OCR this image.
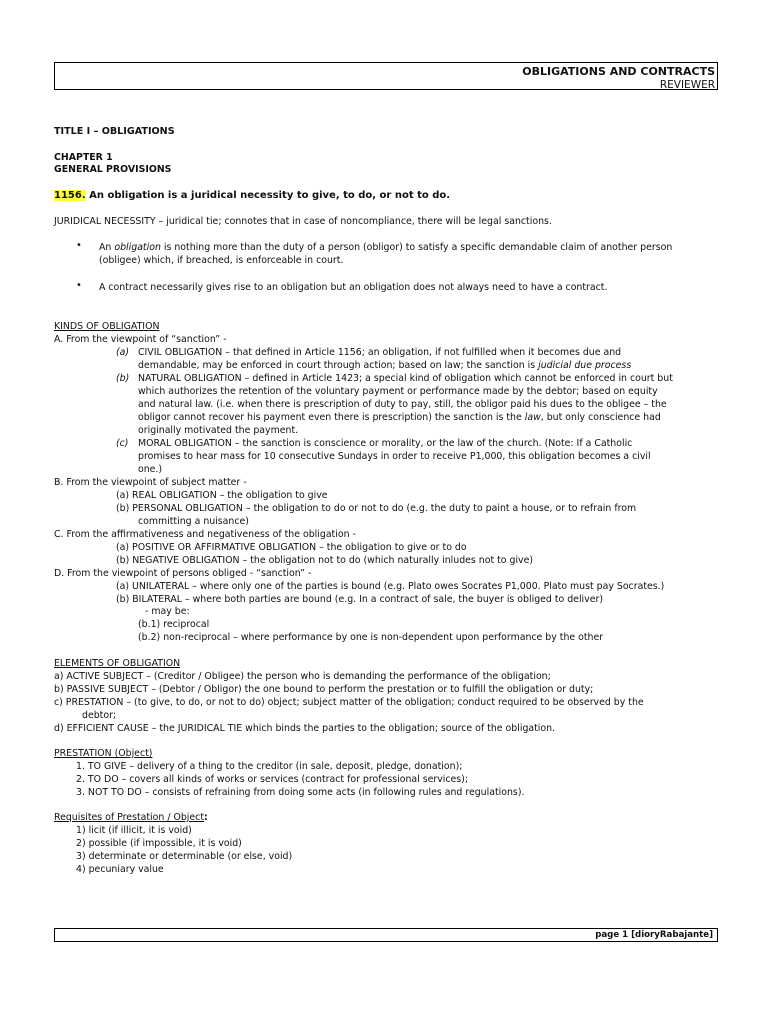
OBLIGATIONS AND CONTRACTS
REVIEWER
TITLE I – OBLIGATIONS
CHAPTER 1
GENERAL PROVISIONS
1156. An obligation is a juridical necessity to give, to do, or not to do.
JURIDICAL NECESSITY – juridical tie; connotes that in case of noncompliance, there will be legal sanctions.
• An obligation is nothing more than the duty of a person (obligor) to satisfy a specific demandable claim of another person
(obligee) which, if breached, is enforceable in court.
• A contract necessarily gives rise to an obligation but an obligation does not always need to have a contract.
KINDS OF OBLIGATION
A. From the viewpoint of “sanction” -
(a) CIVIL OBLIGATION – that defined in Article 1156; an obligation, if not fulfilled when it becomes due and
demandable, may be enforced in court through action; based on law; the sanction is judicial due process
(b) NATURAL OBLIGATION – defined in Article 1423; a special kind of obligation which cannot be enforced in court but
which authorizes the retention of the voluntary payment or performance made by the debtor; based on equity
and natural law. (i.e. when there is prescription of duty to pay, still, the obligor paid his dues to the obligee – the
obligor cannot recover his payment even there is prescription) the sanction is the law, but only conscience had
originally motivated the payment.
(c) MORAL OBLIGATION – the sanction is conscience or morality, or the law of the church. (Note: If a Catholic
promises to hear mass for 10 consecutive Sundays in order to receive P1,000, this obligation becomes a civil
one.)
B. From the viewpoint of subject matter -
(a) REAL OBLIGATION – the obligation to give
(b) PERSONAL OBLIGATION – the obligation to do or not to do (e.g. the duty to paint a house, or to refrain from
committing a nuisance)
C. From the affirmativeness and negativeness of the obligation -
(a) POSITIVE OR AFFIRMATIVE OBLIGATION – the obligation to give or to do
(b) NEGATIVE OBLIGATION – the obligation not to do (which naturally inludes not to give)
D. From the viewpoint of persons obliged - “sanction” -
(a) UNILATERAL – where only one of the parties is bound (e.g. Plato owes Socrates P1,000. Plato must pay Socrates.)
(b) BILATERAL – where both parties are bound (e.g. In a contract of sale, the buyer is obliged to deliver)
- may be:
(b.1) reciprocal
(b.2) non-reciprocal – where performance by one is non-dependent upon performance by the other
ELEMENTS OF OBLIGATION
a) ACTIVE SUBJECT – (Creditor / Obligee) the person who is demanding the performance of the obligation;
b) PASSIVE SUBJECT – (Debtor / Obligor) the one bound to perform the prestation or to fulfill the obligation or duty;
c) PRESTATION – (to give, to do, or not to do) object; subject matter of the obligation; conduct required to be observed by the
debtor;
d) EFFICIENT CAUSE – the JURIDICAL TIE which binds the parties to the obligation; source of the obligation.
PRESTATION (Object)
1. TO GIVE – delivery of a thing to the creditor (in sale, deposit, pledge, donation);
2. TO DO – covers all kinds of works or services (contract for professional services);
3. NOT TO DO – consists of refraining from doing some acts (in following rules and regulations).
Requisites of Prestation / Object:
1) licit (if illicit, it is void)
2) possible (if impossible, it is void)
3) determinate or determinable (or else, void)
4) pecuniary value
page 1 [dioryRabajante]
